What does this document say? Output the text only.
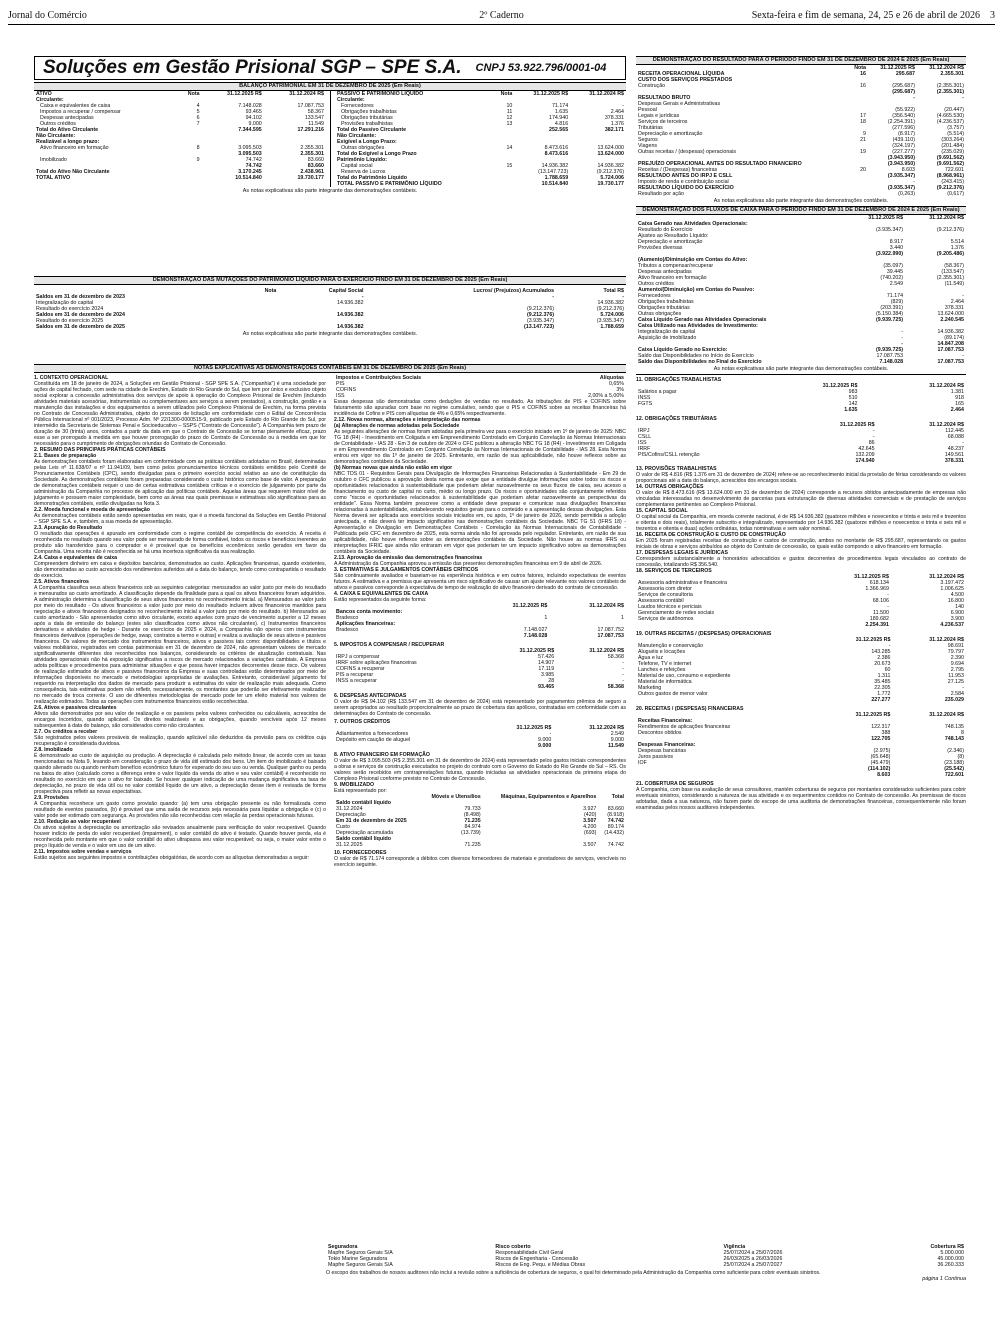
Jornal do Comércio	2º Caderno	Sexta-feira e fim de semana, 24, 25 e 26 de abril de 2026 3
Soluções em Gestão Prisional SGP – SPE S.A. CNPJ 53.922.796/0001-04
BALANÇO PATRIMONIAL EM 31 DE DEZEMBRO DE 2025 (Em Reais)
ATIVO	Nota	31.12.2025 R$	31.12.2024 R$
Circulante:			
Caixa e equivalentes de caixa	4	7.148.028	17.087.753
Impostos a recuperar / compensar	5	93.465	58.367
Despesas antecipadas	6	94.102	133.547
Outros créditos	7	9.000	11.549
Total do Ativo Circulante		7.344.595	17.291.216
Não Circulante:			
Realizável a longo prazo:			
Ativo financeiro em formação	8	3.095.503	2.355.301
		3.095.503	2.355.301
Imobilizado	9	74.742	83.660
		74.742	83.660
Total do Ativo Não Circulante		3.170.245	2.438.961
TOTAL ATIVO		10.514.840	19.730.177
PASSIVO E PATRIMÔNIO LÍQUIDO	Nota	31.12.2025 R$	31.12.2024 R$
Circulante:			
Fornecedores	10	71.174	-
Obrigações trabalhistas	11	1.635	2.464
Obrigações tributárias	12	174.940	378.331
Provisões trabalhistas	13	4.816	1.376
Total do Passivo Circulante		252.565	382.171
Não Circulante:			
Exigível a Longo Prazo:			
Outras obrigações	14	8.473.616	13.624.000
Total do Exigível a Longo Prazo		8.473.616	13.624.000
Patrimônio Líquido:			
Capital social	15	14.936.382	14.936.382
Reserva de Lucros		(13.147.723)	(9.212.376)
Total do Patrimônio Líquido		1.788.659	5.724.006
TOTAL PASSIVO E PATRIMÔNIO LÍQUIDO		10.514.840	19.730.177
As notas explicativas são parte integrante das demonstrações contábeis.
DEMONSTRAÇÃO DAS MUTAÇÕES DO PATRIMÔNIO LÍQUIDO PARA O EXERCÍCIO FINDO EM 31 DE DEZEMBRO DE 2025 (Em Reais)
	Nota	Capital Social	Lucros/ (Prejuízos) Acumulados	Total R$
Saldos em 31 de dezembro de 2023		-	-	-
Integralização do capital		14.936.382		14.936.382
Resultado do exercício 2024			(9.212.376)	(9.212.376)
Saldos em 31 de dezembro de 2024		14.936.382	(9.212.376)	5.724.006
Resultado do exercício 2025			(3.935.347)	(3.935.347)
Saldos em 31 de dezembro de 2025		14.936.382	(13.147.723)	1.788.659
As notas explicativas são parte integrante das demonstrações contábeis.
NOTAS EXPLICATIVAS ÀS DEMONSTRAÇÕES CONTÁBEIS EM 31 DE DEZEMBRO DE 2025 (Em Reais)
1. CONTEXTO OPERACIONAL
Constituída em 18 de janeiro de 2024, a Soluções em Gestão Prisional - SGP SPE S.A. ("Companhia") é uma sociedade por ações de capital fechado, com sede na cidade de Erechim, Estado do Rio Grande do Sul, que tem por único e exclusivo objeto social explorar a concessão administrativa dos serviços de apoio à operação do Complexo Prisional de Erechim (incluindo atividades materiais acessórias, instrumentais ou complementares aos serviços a serem prestados), a construção, gestão e a manutenção das instalações e dos equipamentos a serem utilizados pelo Complexo Prisional de Erechim, na forma prevista no Contrato de Concessão Administrativa, objeto do processo de licitação em conformidade com o Edital de Concorrência Pública Internacional nº 001/2023, Processo Adm. Nº 22/1300-0000515-9, publicado pelo Estado do Rio Grande do Sul, por intermédio da Secretaria de Sistemas Penal e Socioeducativo – SSPS ("Contrato de Concessão"). A Companhia tem prazo de duração de 30 (trinta) anos, contados a partir da data em que o Contrato de Concessão se tornar plenamente eficaz, prazo esse a ser prorrogado à medida em que houver prorrogação do prazo do Contrato de Concessão ou à medida em que for necessário para o cumprimento de obrigações oriundas do Contrato de Concessão.
2. RESUMO DAS PRINCIPAIS PRÁTICAS CONTÁBEIS
2.1. Bases de preparação
As demonstrações contábeis foram elaboradas em conformidade com as práticas contábeis adotadas no Brasil, determinadas pelas Leis nº 11.638/07 e nº 11.941/09, bem como pelos pronunciamentos técnicos contábeis emitidos pelo Comitê de Pronunciamentos Contábeis (CPC), sendo divulgadas para o primeiro exercício social relativo ao ano de constituição da Sociedade. As demonstrações contábeis foram preparadas considerando o custo histórico como base de valor. A preparação de demonstrações contábeis requer o uso de certas estimativas contábeis críticas e o exercício de julgamento por parte da administração da Companhia no processo de aplicação das políticas contábeis. Aquelas áreas que requerem maior nível de julgamento e possuem maior complexidade, bem como as áreas nas quais premissas e estimativas são significativas para as demonstrações contábeis, estão divulgadas na Nota 3.
2.2. Moeda funcional e moeda de apresentação
As demonstrações contábeis estão sendo apresentadas em reais, que é a moeda funcional da Soluções em Gestão Prisional – SGP SPE S.A. e, também, a sua moeda de apresentação.
2.3. Apuração do Resultado
O resultado das operações é apurado em conformidade com o regime contábil de competência do exercício. A receita é reconhecida no resultado quando seu valor pode ser mensurado de forma confiável, todos os riscos e benefícios inerentes ao produto são transferidos para o comprador e é provável que os benefícios econômicos serão gerados em favor da Companhia. Uma receita não é reconhecida se há uma incerteza significativa da sua realização.
2.4. Caixa e equivalentes de caixa
Compreendem dinheiro em caixa e depósitos bancários, demonstrados ao custo. Aplicações financeiras, quando existentes, são demonstradas ao custo acrescido dos rendimentos auferidos até a data do balanço, tendo como contrapartida o resultado do exercício.
2.5. Ativos financeiros
A Companhia classifica seus ativos financeiros sob as seguintes categorias: mensurados ao valor justo por meio do resultado e mensurados ao custo amortizado. A classificação depende da finalidade para a qual os ativos financeiros foram adquiridos. A administração determina a classificação de seus ativos financeiros no reconhecimento inicial. a) Mensurados ao valor justo por meio do resultado - Os ativos financeiros a valor justo por meio do resultado incluem ativos financeiros mantidos para negociação e ativos financeiros designados no reconhecimento inicial a valor justo por meio do resultado. b) Mensurados ao custo amortizado - São apresentados como ativo circulante, exceto aqueles com prazo de vencimento superior a 12 meses após a data de emissão do balanço (estes são classificados como ativos não circulantes). c) Instrumentos financeiros derivativos e atividades de hedge - Durante os exercícios de 2025 e 2024, a Companhia não operou com instrumentos financeiros derivativos (operações de hedge, swap, contratos a termo e outras) e realiza a avaliação de seus ativos e passivos financeiros. Os valores de mercado dos instrumentos financeiros, ativos e passivos tais como: disponibilidades e títulos e valores mobiliários, registrados em contas patrimoniais em 31 de dezembro de 2024, não apresentam valores de mercado significativamente diferentes dos reconhecidos nos balanços, considerando os critérios de atualização contratuais. Nas atividades operacionais não há exposição significativa a riscos de mercado relacionados a variações cambiais. A Empresa adota políticas e procedimentos para administrar situações e que possa haver impactos decorrentes desse risco. Os valores de realização estimados de ativos e passivos financeiros da Empresa e suas controladas estão determinados por meio de informações disponíveis no mercado e metodologias apropriadas de avaliações. Entretanto, considerável julgamento foi requerido na interpretação dos dados de mercado para produzir a estimativa do valor de realização mais adequada. Como consequência, tais estimativas podem não refletir, necessariamente, os montantes que poderão ser efetivamente realizados no mercado de troca corrente. O uso de diferentes metodologias de mercado pode ter um efeito material nos valores de realização estimados. Todas as operações com instrumentos financeiros estão reconhecidas.
2.6. Ativos e passivos circulantes
Ativos são demonstrados por seu valor de realização e os passivos pelos valores conhecidos ou calculáveis, acrescidos de encargos incorridos, quando aplicável. Os direitos realizáveis e as obrigações, quando vencíveis após 12 meses subsequentes à data do balanço, são considerados como não circulantes.
2.7. Os créditos a receber
São registrados pelos valores prováveis de realização, quando aplicável são deduzidos da provisão para os créditos cuja recuperação é considerada duvidosa.
2.8. Imobilizado
É demonstrado ao custo de aquisição ou produção. A depreciação é calculada pelo método linear, de acordo com as taxas mencionadas na Nota 9, levando em consideração o prazo de vida útil estimado dos bens. Um item do imobilizado é baixado quando alienado ou quando nenhum benefício econômico futuro for esperado do seu uso ou venda. Qualquer ganho ou perda na baixa do ativo (calculado como a diferença entre o valor líquido da venda do ativo e seu valor contábil) é reconhecido no resultado no exercício em que o ativo for baixado. Se houver qualquer indicação de uma mudança significativa na taxa de depreciação, no prazo de vida útil ou no valor contábil líquido de um ativo, a depreciação desse item é revisada de forma prospectiva para refletir as novas expectativas.
2.9. Provisões
A Companhia reconhece um gasto como provisão quando: (a) tem uma obrigação presente ou não formalizada como resultado de eventos passados, (b) é provável que uma saída de recursos seja necessária para liquidar a obrigação e (c) o valor pode ser estimado com segurança. As provisões não são reconhecidas com relação às perdas operacionais futuras.
2.10. Redução ao valor recuperável
Os ativos sujeitos à depreciação ou amortização são revisados anualmente para verificação do valor recuperável. Quando houver indício de perda do valor recuperável (impairment), o valor contábil do ativo é testado. Quando houver perda, ela é reconhecida pelo montante em que o valor contábil do ativo ultrapassa seu valor recuperável; ou seja, o maior valor entre o preço líquido de venda e o valor em uso de um ativo.
2.11. Impostos sobre vendas e serviços
Estão sujeitos aos seguintes impostos e contribuições obrigatórias, de acordo com as alíquotas demonstradas a seguir:
Impostos e Contribuições Sociais	Alíquotas
PIS	0,65%
COFINS	3%
ISS	2,00% a 5,00%
Essas despesas são demonstradas como deduções de vendas no resultado. As tributações de PIS e COFINS sobre faturamento são apuradas com base no regime cumulativo, sendo que o PIS e COFINS sobre as receitas financeiras há incidência de Cofins e PIS com alíquotas de 4% e 0,65% respectivamente.
2.12. Novas normas, alterações e interpretação das normas
(a) Alterações de normas adotadas pela Sociedade
As seguintes alterações de normas foram adotadas pela primeira vez para o exercício iniciado em 1º de janeiro de 2025: NBC TG 18 (R4) - Investimento em Coligada e em Empreendimento Controlado em Conjunto Correlação às Normas Internacionais de Contabilidade - IAS 28 - Em 3 de outubro de 2024 o CFC publicou a alteração NBC TG 18 (R4) - Investimento em Coligada e em Empreendimento Controlado em Conjunto Correlação às Normas Internacionais de Contabilidade - IAS 28. Esta Norma entrou em vigor no dia 1º de janeiro de 2025. Entretanto, em razão de sua aplicabilidade, não houve reflexos sobre as demonstrações contábeis da Sociedade.
(b) Normas novas que ainda não estão em vigor
NBC TDS 01 - Requisitos Gerais para Divulgação de Informações Financeiras Relacionadas à Sustentabilidade - Em 29 de outubro o CFC publicou a aprovação desta norma que exige que a entidade divulgue informações sobre todos os riscos e oportunidades relacionados à sustentabilidade que poderiam afetar razoavelmente os seus fluxos de caixa, seu acesso a financiamento ou custo de capital no curto, médio ou longo prazo. Os riscos e oportunidades são conjuntamente referidos como "riscos e oportunidades relacionados à sustentabilidade que poderiam afetar razoavelmente as perspectivas da entidade". Essa Norma também prescreve como a entidade deve preparar e comunicar suas divulgações financeiras relacionadas à sustentabilidade, estabelecendo requisitos gerais para o conteúdo e a apresentação dessas divulgações. Esta Norma deverá ser aplicada aos exercícios sociais iniciados em, ou após, 1º de janeiro de 2026, sendo permitida a adoção antecipada, e não deverá ter impacto significativo nas demonstrações contábeis da Sociedade. NBC TG 51 (IFRS 18) - Apresentação e Divulgação em Demonstrações Contábeis - Correlação às Normas Internacionais de Contabilidade - Publicada pelo CFC em dezembro de 2025, esta norma ainda não foi aprovada pelo regulador. Entretanto, em razão de sua aplicabilidade, não houve reflexos sobre as demonstrações contábeis da Sociedade. Não houve as normas IFRS ou interpretações IFRIC que ainda não entraram em vigor que poderiam ter um impacto significativo sobre as demonstrações contábeis da Sociedade.
2.13. Aprovação da emissão das demonstrações financeiras
A Administração da Companhia aprovou a emissão das presentes demonstrações financeiras em 9 de abril de 2026.
3. ESTIMATIVAS E JULGAMENTOS CONTÁBEIS CRÍTICOS
São continuamente avaliados e baseiam-se na experiência histórica e em outros fatores, incluindo expectativas de eventos futuros. A estimativa e a premissa que apresenta um risco significativo de causar um ajuste relevante nos valores contábeis de ativos e passivos corresponde à expectativa de tempo de realização do ativo financeiro derivado do contrato de concessão.
4. CAIXA E EQUIVALENTES DE CAIXA
Estão representados da seguinte forma:
	31.12.2025 R$	31.12.2024 R$
Bancos conta movimento:		
Bradesco	1	1
Aplicações financeiras:		
Bradesco	7.148.027	17.087.752
	7.148.028	17.087.753
5. IMPOSTOS A COMPENSAR / RECUPERAR
	31.12.2025 R$	31.12.2024 R$
IRPJ a compensar	57.426	58.368
IRRF sobre aplicações financeiras	14.907	-
COFINS a recuperar	17.119	-
PIS a recuperar	3.985	-
INSS a recuperar	28	-
	93.465	58.368
6. DESPESAS ANTECIPADAS
O valor de R$ 94.102 (R$ 133.547 em 31 de dezembro de 2024) está representado por pagamentos prêmios de seguro a serem apropriados ao resultado proporcionalmente ao prazo de cobertura das apólices, contratadas em conformidade com as determinações do Contrato de concessão.
7. OUTROS CRÉDITOS
	31.12.2025 R$	31.12.2024 R$
Adiantamentos a fornecedores	-	2.549
Depósito em caução de aluguel	9.000	9.000
	9.000	11.549
8. ATIVO FINANCEIRO EM FORMAÇÃO
O valor de R$ 3.095.503 (R$ 2.355.301 em 31 de dezembro de 2024) está representado pelos gastos iniciais correspondentes a obras e serviços de construção executados no projeto do contrato com o Governo do Estado do Rio Grande do Sul – RS. Os valores serão recebidos em contraprestações futuras, quando iniciadas as atividades operacionais da primeira etapa do Complexo Prisional conforme previsto no Contrato de Concessão.
9. IMOBILIZADO
Está representado por:
	Móveis e Utensílios	Máquinas, Equipamentos e Aparelhos	Total
Saldo contábil líquido			
31.12.2024	79.733	3.927	83.660
Depreciação	(8.498)	(420)	(8.918)
Em 31 de dezembro de 2025	71.235	3.507	74.742
Custo	84.974	4.200	89.174
Depreciação acumulada	(13.739)	(693)	(14.432)
Saldo contábil líquido			
31.12.2025	71.235	3.507	74.742
10. FORNECEDORES
O valor de R$ 71.174 corresponde a débitos com diversos fornecedores de materiais e prestadores de serviços, vencíveis no exercício seguinte.
DEMONSTRAÇÃO DO RESULTADO PARA O PERÍODO FINDO EM 31 DE DEZEMBRO DE 2024 E 2025 (Em Reais)
	Nota	31.12.2025 R$	31.12.2024 R$
RECEITA OPERACIONAL LÍQUIDA	16	295.687	2.355.301
CUSTO DOS SERVIÇOS PRESTADOS			
Construção	16	(295.687)	(2.355.301)
		(295.687)	(2.355.301)
RESULTADO BRUTO		-	-
Despesas Gerais e Administrativas			
Pessoal		(55.922)	(20.447)
Legais e jurídicas	17	(356.540)	(4.665.530)
Serviços de terceiros	18	(2.254.391)	(4.236.537)
Tributárias		(277.596)	(3.757)
Depreciação e amortização	9	(8.917)	(5.514)
Seguros	21	(439.110)	(303.264)
Viagens		(324.197)	(201.484)
Outras receitas / (despesas) operacionais	19	(227.277)	(235.029)
		(3.943.950)	(9.691.562)
PREJUÍZO OPERACIONAL ANTES DO RESULTADO FINANCEIRO		(3.943.950)	(9.691.562)
Receitas / (Despesas) financeiras	20	8.603	722.601
RESULTADO ANTES DO IRPJ E CSLL		(3.935.347)	(8.968.961)
Imposto de renda e contribuição social		-	(243.415)
RESULTADO LÍQUIDO DO EXERCÍCIO		(3.935.347)	(9.212.376)
Resultado por ação		(0,263)	(0,617)
As notas explicativas são parte integrante das demonstrações contábeis.
DEMONSTRAÇÃO DOS FLUXOS DE CAIXA PARA O PERÍODO FINDO EM 31 DE DEZEMBRO DE 2024 E 2025 (Em Reais)
	31.12.2025 R$	31.12.2024 R$
Caixa Gerado nas Atividades Operacionais:		
Resultado do Exercício	(3.935.347)	(9.212.376)
Ajustes ao Resultado Líquido:		
Depreciação e amortização	8.917	5.514
Provisões diversas	3.440	1.376
	(3.922.990)	(9.205.486)
(Aumento)/Diminuição em Contas do Ativo:		
Tributos a compensar/recuperar	(35.097)	(58.367)
Despesas antecipadas	39.445	(133.547)
Ativo financeiro em formação	(740.202)	(2.355.301)
Outros créditos	2.549	(11.549)
Aumento/(Diminuição) em Contas do Passivo:		
Fornecedores	71.174	-
Obrigações trabalhistas	(829)	2.464
Obrigações tributárias	(203.391)	378.331
Outras obrigações	(5.150.384)	13.624.000
Caixa Líquido Gerado nas Atividades Operacionais	(9.939.725)	2.240.545

Caixa Utilizado nas Atividades de Investimento:		
Integralização de capital	-	14.936.382
Aquisição de imobilizado	-	(89.174)
	-	14.847.208
Caixa Líquido Gerado no Exercício:	(9.939.725)	17.087.753
Saldo das Disponibilidades no Início do Exercício	17.087.753	-
Saldo das Disponibilidades no Final do Exercício	7.148.028	17.087.753
As notas explicativas são parte integrante das demonstrações contábeis.
11. OBRIGAÇÕES TRABALHISTAS
	31.12.2025 R$	31.12.2024 R$
Salários a pagar	983	1.381
INSS	510	918
FGTS	142	165
	1.635	2.464
12. OBRIGAÇÕES TRIBUTÁRIAS
	31.12.2025 R$	31.12.2024 R$
IRPJ	-	112.445
CSLL	-	68.088
ISS	86	-
IRRF	42.645	48.237
PIS/Cofins/CSLL retenção	132.209	149.561
	174.940	378.331
13. PROVISÕES TRABALHISTAS
O valor de R$ 4.816 (R$ 1.376 em 31 de dezembro de 2024) refere-se ao reconhecimento inicial da provisão de férias considerando os valores proporcionais até a data do balanço, acrescidos dos encargos sociais.
14. OUTRAS OBRIGAÇÕES
O valor de R$ 8.473.616 (R$ 13.624.000 em 31 de dezembro de 2024) corresponde a recursos obtidos antecipadamente de empresas não vinculadas interessadas no desenvolvimento de parcerias para estruturação de diversas atividades comerciais e de prestação de serviços complementares pertinentes ao Complexo Prisional.
15. CAPITAL SOCIAL
O capital social da Companhia, em moeda corrente nacional, é de R$ 14.936.382 (quatorze milhões e novecentos e trinta e seis mil e trezentos e oitenta e dois reais), totalmente subscrito e integralizado, representado por 14.936.382 (quatorze milhões e novecentos e trinta e seis mil e trezentos e oitenta e duas) ações ordinárias, todas nominativas e sem valor nominal.
16. RECEITA DE CONSTRUÇÃO E CUSTO DE CONSTRUÇÃO
Em 2025 foram registradas receitas de construção e custos de construção, ambos no montante de R$ 295.687, representando os gastos iniciais de obras e serviços atribuídos ao objeto do Contrato de concessão, os quais estão compondo o ativo financeiro em formação.
17. DESPESAS LEGAIS E JURÍDICAS
Correspondem substancialmente a honorários advocatícios e gastos decorrentes de procedimentos legais vinculados ao contrato de concessão, totalizando R$ 356.540.
18. SERVIÇOS DE TERCEIROS
	31.12.2025 R$	31.12.2024 R$
Assessoria administrativa e financeira	618.134	3.197.472
Assessoria com diretor	1.366.969	1.006.625
Serviços de consultoria	-	4.500
Assessoria contábil	68.106	16.800
Laudos técnicos e periciais	-	140
Gerenciamento de redes sociais	11.500	6.900
Serviços de autônomos	189.682	3.900
	2.254.391	4.236.537
19. OUTRAS RECEITAS / (DESPESAS) OPERACIONAIS
	31.12.2025 R$	31.12.2024 R$
Manutenção e conservação	-	98.691
Aluguéis e locações	143.285	79.797
Água e luz	2.386	2.390
Telefone, TV e internet	20.673	9.694
Lanches e refeições	60	2.795
Material de uso, consumo e expediente	1.311	11.953
Material de informática	35.485	27.125
Marketing	22.305	-
Outros gastos de menor valor	1.772	2.584
	227.277	235.029
20. RECEITAS / (DESPESAS) FINANCEIRAS
	31.12.2025 R$	31.12.2024 R$
Receitas Financeiras:		
Rendimentos de aplicações financeiras	122.317	748.135
Descontos obtidos	388	8
	122.705	748.143
Despesas Financeiras:		
Despesas bancárias	(2.975)	(2.346)
Juros passivos	(65.648)	(8)
IOF	(45.479)	(23.188)
	(114.102)	(25.542)
	8.603	722.601
21. COBERTURA DE SEGUROS
A Companhia, com base na avaliação de seus consultores, mantém coberturas de seguros por montantes considerados suficientes para cobrir eventuais sinistros, considerando a natureza de sua atividade e os requerimentos contidos no Contrato de concessão. As premissas de riscos adotadas, dada a sua natureza, não fazem parte do escopo de uma auditoria de demonstrações financeiras, consequentemente não foram examinadas pelos nossos auditores independentes.
Seguradora	Risco coberto	Vigência	Cobertura R$
Mapfre Seguros Gerais S/A	Responsabilidade Civil Geral	25/07/2024 a 25/07/2026	5.000.000
Tokio Marine Seguradora	Riscos de Engenharia - Concessão	26/03/2025 a 26/03/2026	45.000.000
Mapfre Seguros Gerais S/A	Riscos de Eng. Pequ. e Médias Obras	25/07/2024 a 25/07/2027	36.260.333
O escopo dos trabalhos de nossos auditores não inclui a revisão sobre a suficiência de cobertura de seguros, o qual foi determinado pela Administração da Companhia como suficiente para cobrir eventuais sinistros.
página 1 Continua
